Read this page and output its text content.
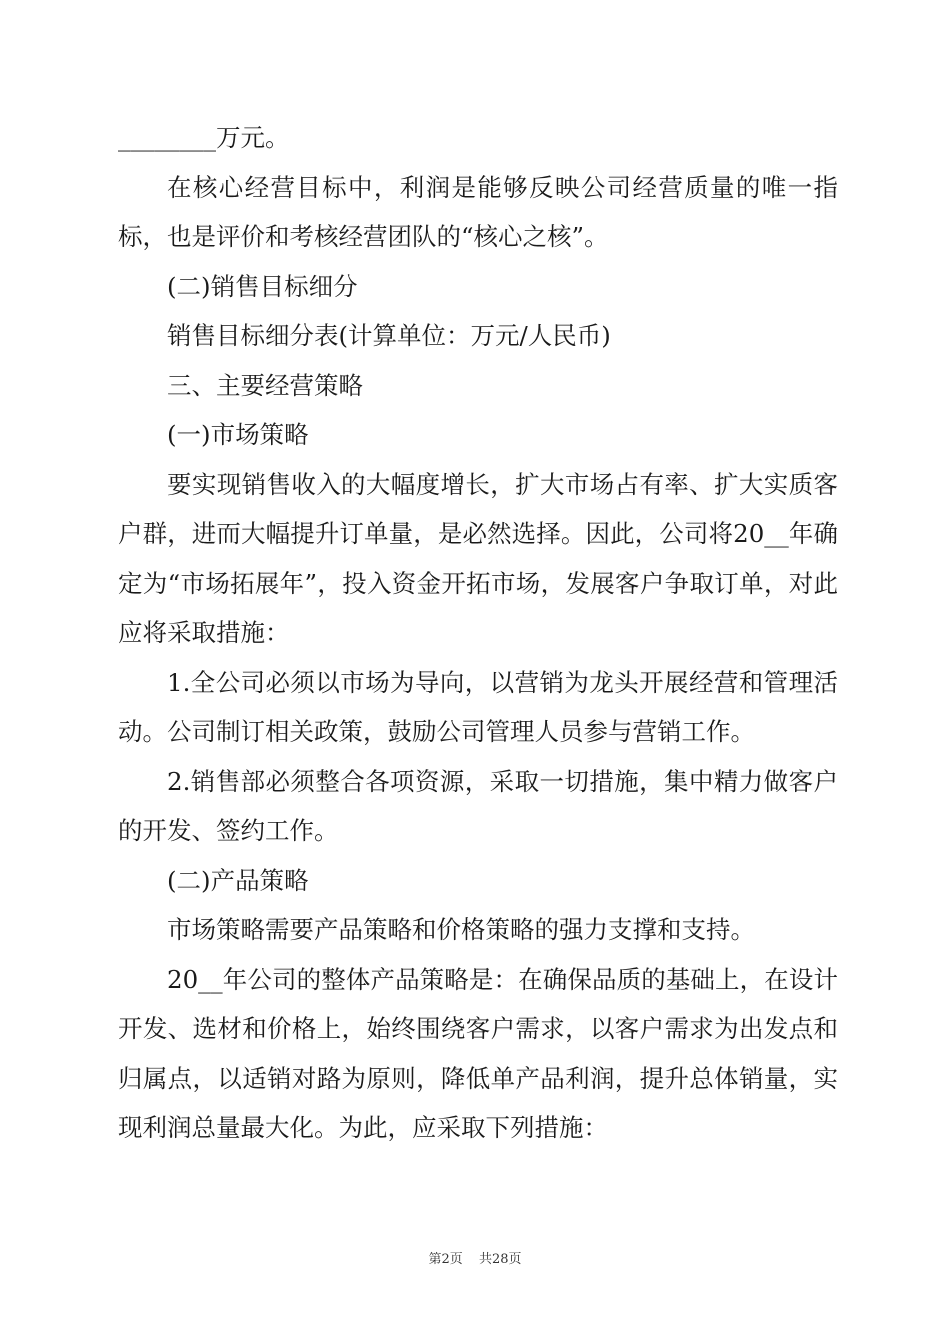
________万元。

在核心经营目标中，利润是能够反映公司经营质量的唯一指标，也是评价和考核经营团队的“核心之核”。

(二)销售目标细分

销售目标细分表(计算单位：万元/人民币)

三、主要经营策略

(一)市场策略

要实现销售收入的大幅度增长，扩大市场占有率、扩大实质客户群，进而大幅提升订单量，是必然选择。因此，公司将20__年确定为“市场拓展年”，投入资金开拓市场，发展客户争取订单，对此应将采取措施：

1.全公司必须以市场为导向，以营销为龙头开展经营和管理活动。公司制订相关政策，鼓励公司管理人员参与营销工作。

2.销售部必须整合各项资源，采取一切措施，集中精力做客户的开发、签约工作。

(二)产品策略

市场策略需要产品策略和价格策略的强力支撑和支持。

20__年公司的整体产品策略是：在确保品质的基础上，在设计开发、选材和价格上，始终围绕客户需求，以客户需求为出发点和归属点，以适销对路为原则，降低单产品利润，提升总体销量，实现利润总量最大化。为此，应采取下列措施：

第2页 共28页
